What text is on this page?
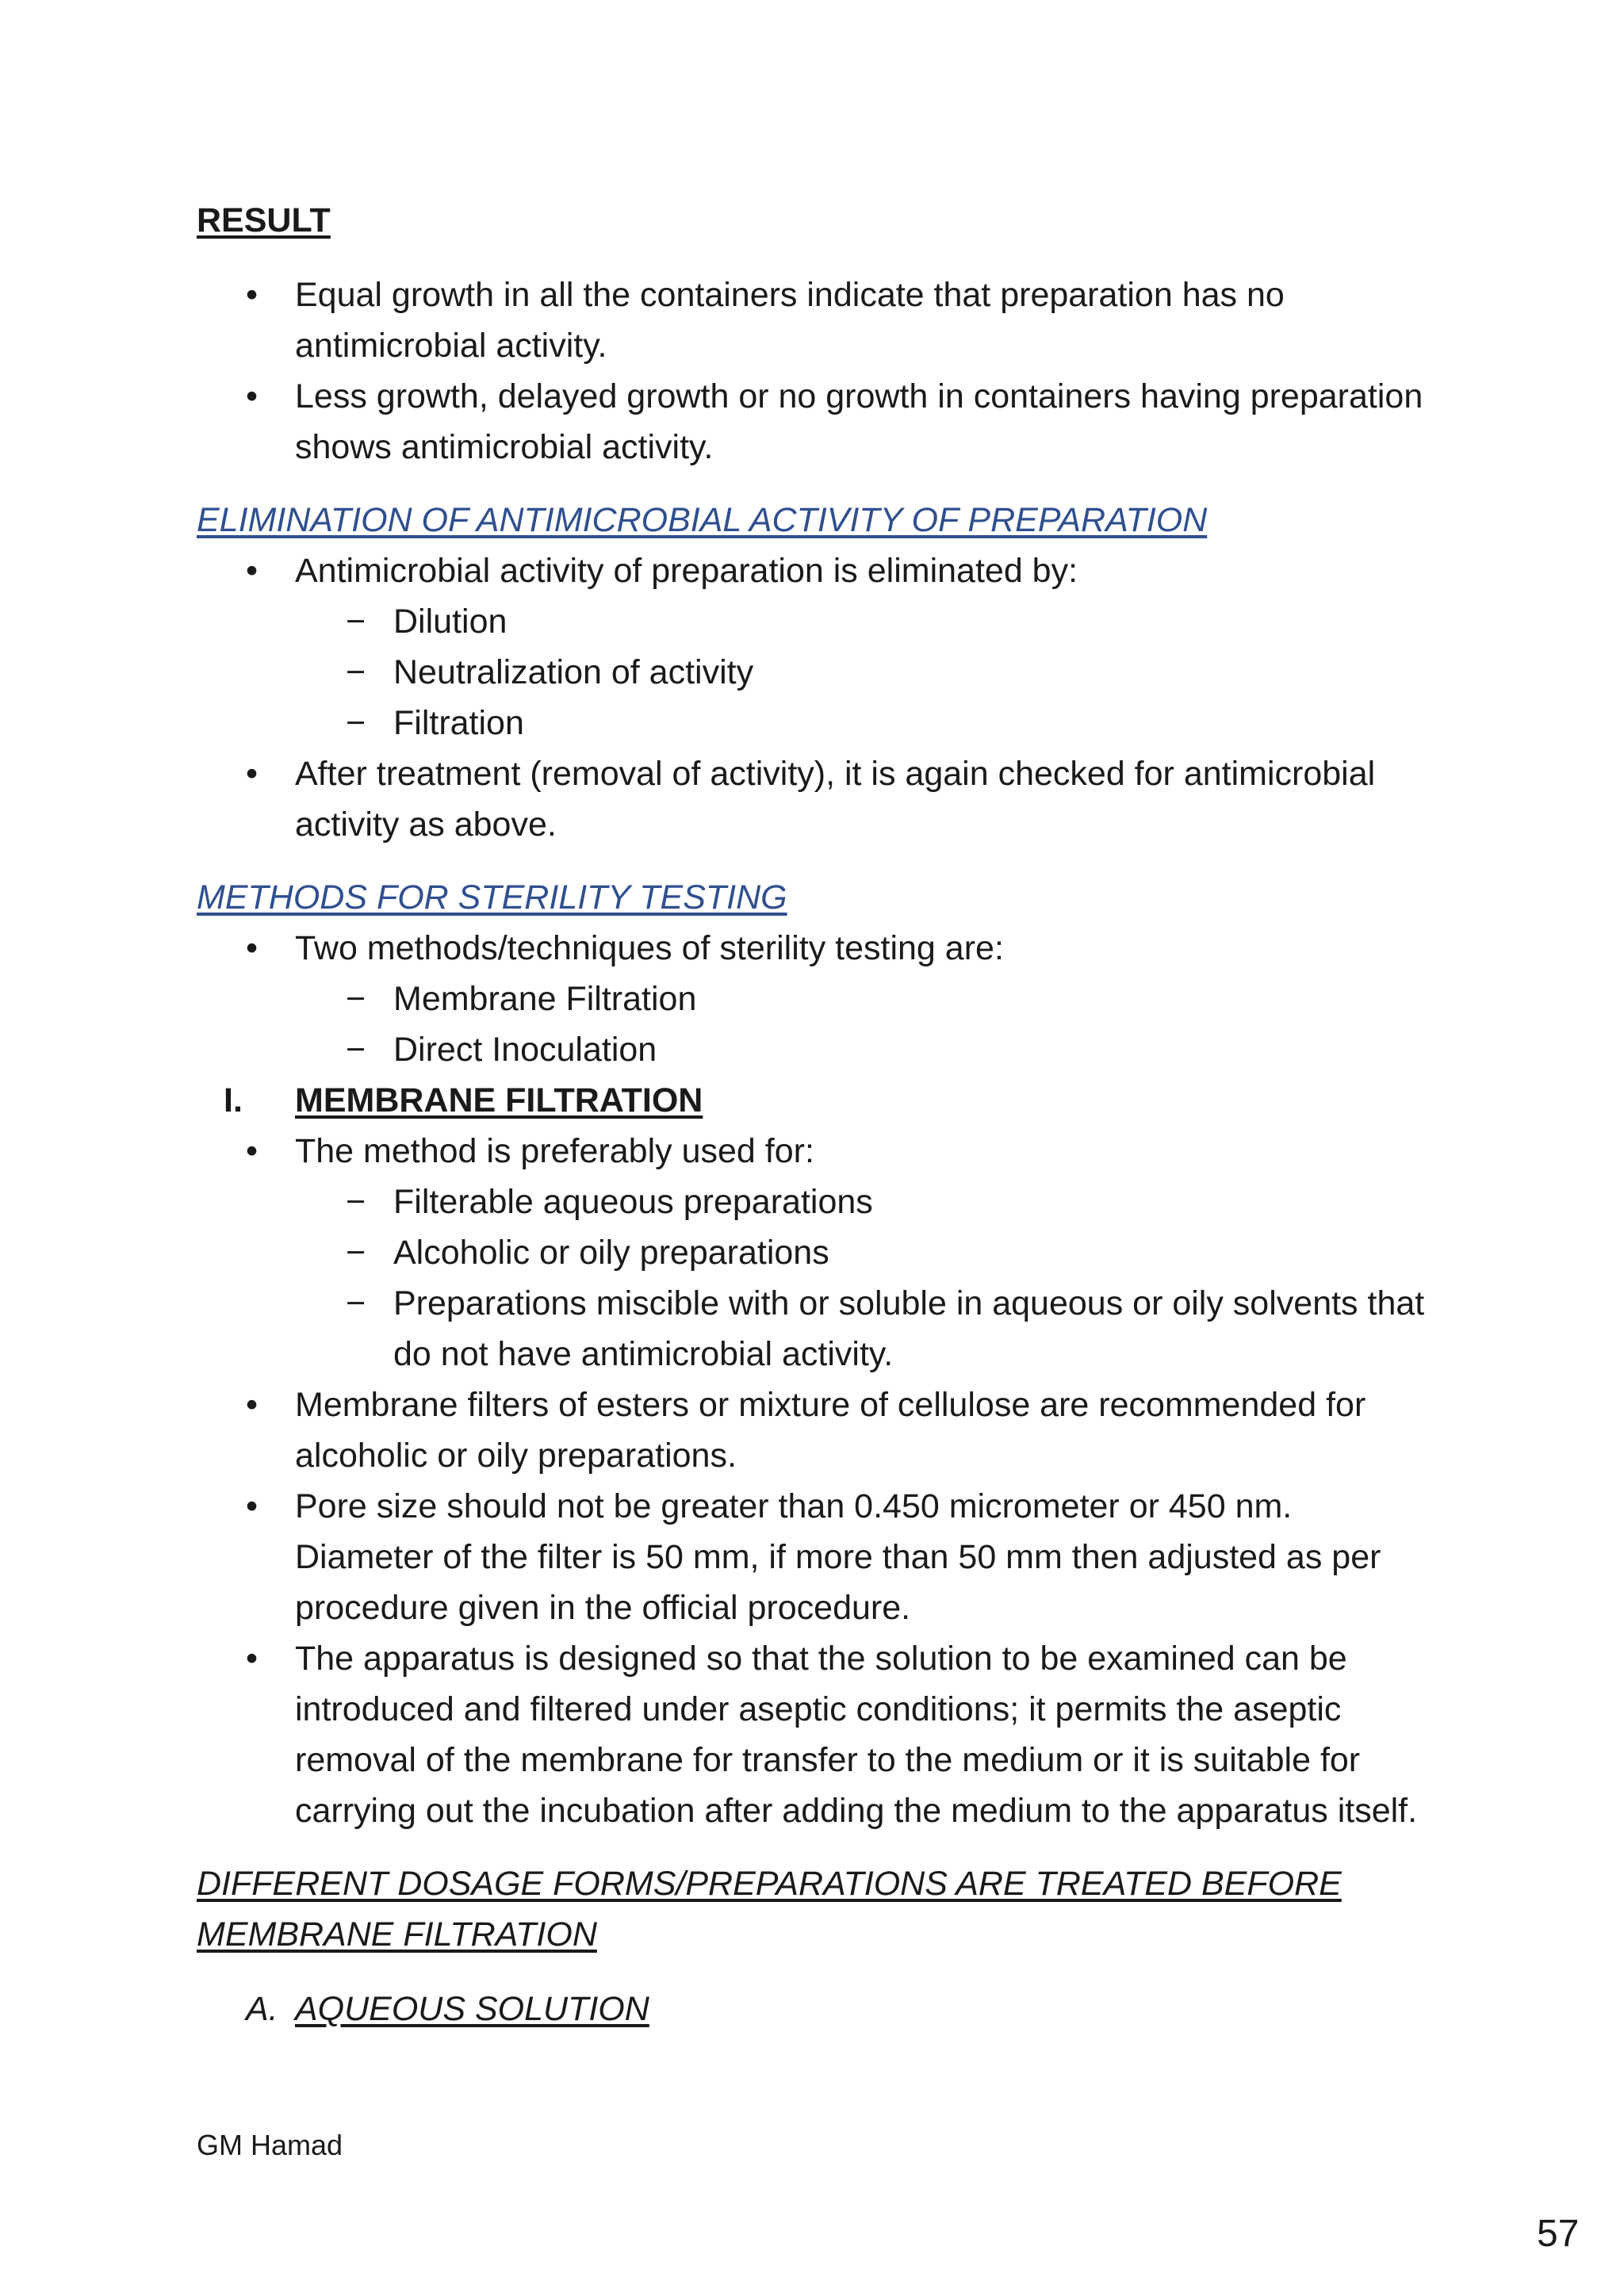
RESULT

• Equal growth in all the containers indicate that preparation has no antimicrobial activity.
• Less growth, delayed growth or no growth in containers having preparation shows antimicrobial activity.

ELIMINATION OF ANTIMICROBIAL ACTIVITY OF PREPARATION

• Antimicrobial activity of preparation is eliminated by:
− Dilution
− Neutralization of activity
− Filtration
• After treatment (removal of activity), it is again checked for antimicrobial activity as above.

METHODS FOR STERILITY TESTING

• Two methods/techniques of sterility testing are:
− Membrane Filtration
− Direct Inoculation
I. MEMBRANE FILTRATION
• The method is preferably used for:
− Filterable aqueous preparations
− Alcoholic or oily preparations
− Preparations miscible with or soluble in aqueous or oily solvents that do not have antimicrobial activity.
• Membrane filters of esters or mixture of cellulose are recommended for alcoholic or oily preparations.
• Pore size should not be greater than 0.450 micrometer or 450 nm. Diameter of the filter is 50 mm, if more than 50 mm then adjusted as per procedure given in the official procedure.
• The apparatus is designed so that the solution to be examined can be introduced and filtered under aseptic conditions; it permits the aseptic removal of the membrane for transfer to the medium or it is suitable for carrying out the incubation after adding the medium to the apparatus itself.

DIFFERENT DOSAGE FORMS/PREPARATIONS ARE TREATED BEFORE MEMBRANE FILTRATION

A. AQUEOUS SOLUTION
GM Hamad
57
